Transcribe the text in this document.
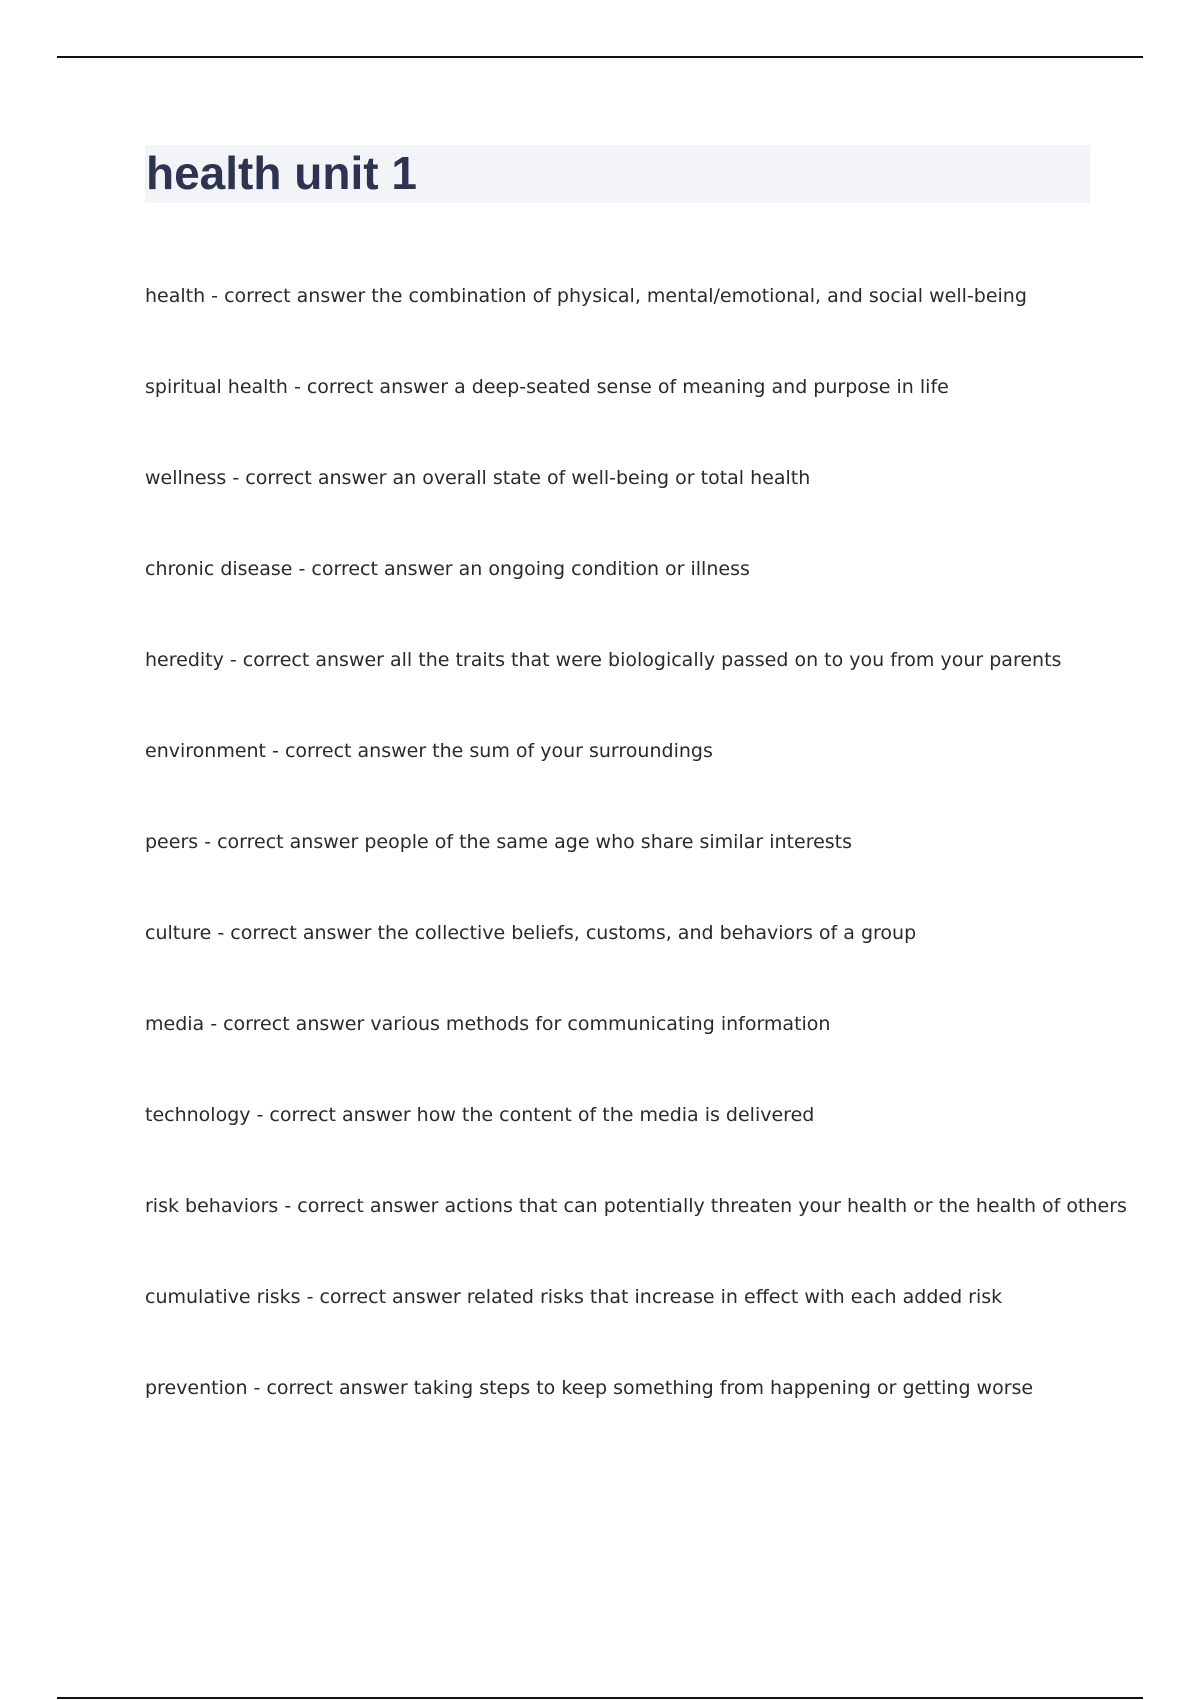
health unit 1
health - correct answer the combination of physical, mental/emotional, and social well-being
spiritual health - correct answer a deep-seated sense of meaning and purpose in life
wellness - correct answer an overall state of well-being or total health
chronic disease - correct answer an ongoing condition or illness
heredity - correct answer all the traits that were biologically passed on to you from your parents
environment - correct answer the sum of your surroundings
peers - correct answer people of the same age who share similar interests
culture - correct answer the collective beliefs, customs, and behaviors of a group
media - correct answer various methods for communicating information
technology - correct answer how the content of the media is delivered
risk behaviors - correct answer actions that can potentially threaten your health or the health of others
cumulative risks - correct answer related risks that increase in effect with each added risk
prevention - correct answer taking steps to keep something from happening or getting worse
